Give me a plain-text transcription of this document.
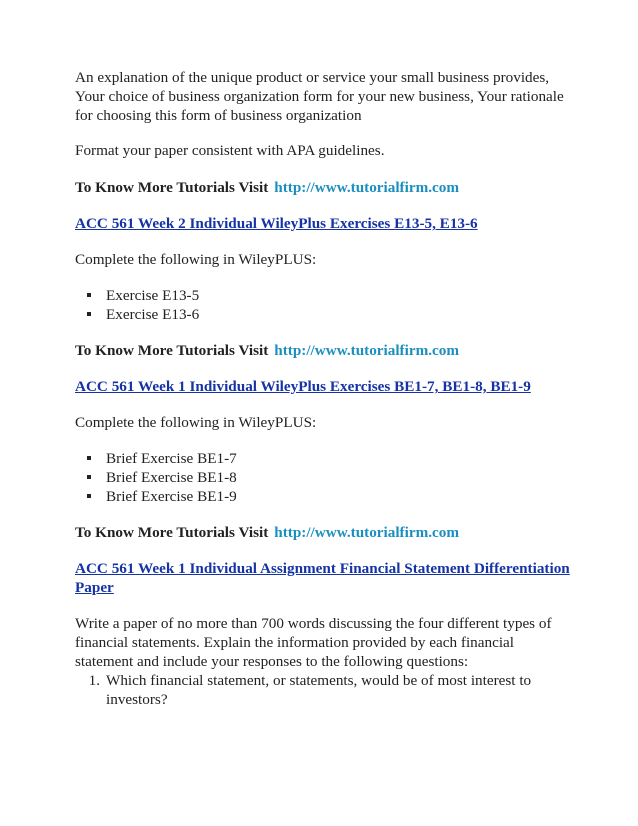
An explanation of the unique product or service your small business provides, Your choice of business organization form for your new business, Your rationale for choosing this form of business organization

Format your paper consistent with APA guidelines.

To Know More Tutorials Visit http://www.tutorialfirm.com

ACC 561 Week 2 Individual WileyPlus Exercises E13-5, E13-6

Complete the following in WileyPLUS:

Exercise E13-5
Exercise E13-6

To Know More Tutorials Visit http://www.tutorialfirm.com

ACC 561 Week 1 Individual WileyPlus Exercises BE1-7, BE1-8, BE1-9

Complete the following in WileyPLUS:

Brief Exercise BE1-7
Brief Exercise BE1-8
Brief Exercise BE1-9

To Know More Tutorials Visit http://www.tutorialfirm.com

ACC 561 Week 1 Individual Assignment Financial Statement Differentiation Paper

Write a paper of no more than 700 words discussing the four different types of financial statements. Explain the information provided by each financial statement and include your responses to the following questions:

1. Which financial statement, or statements, would be of most interest to investors?
